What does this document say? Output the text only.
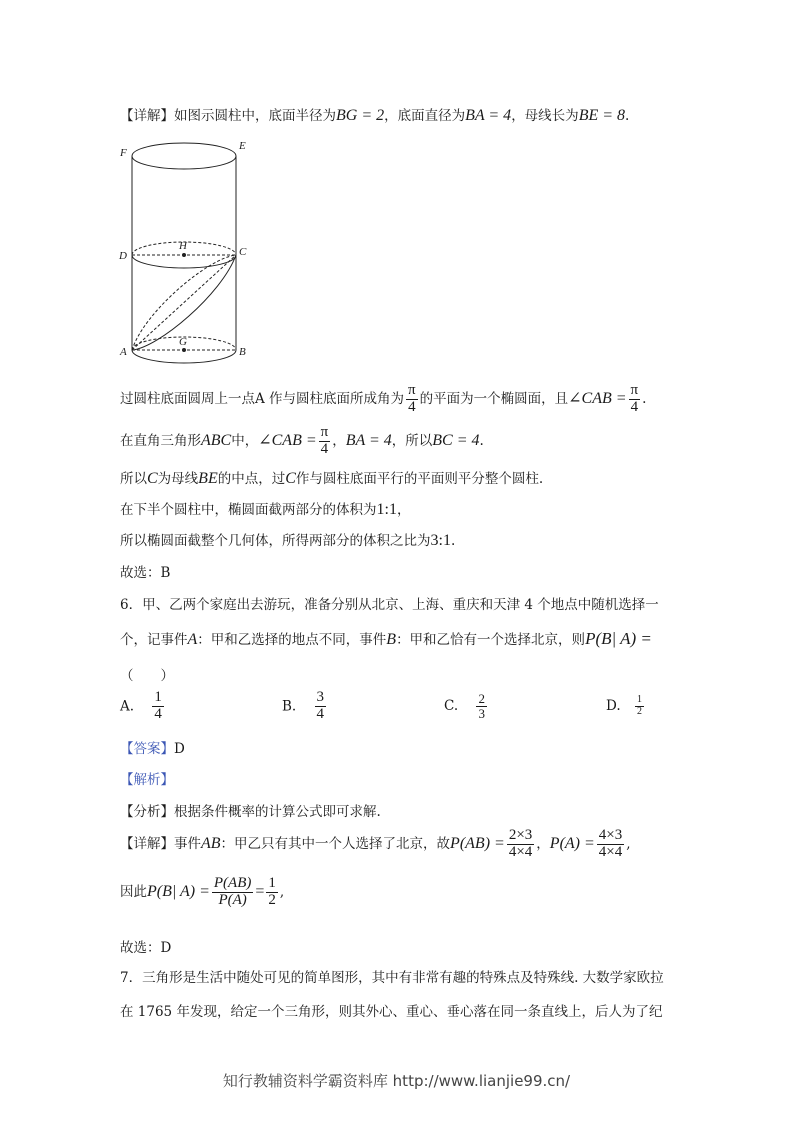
【详解】如图示圆柱中，底面半径为BG = 2，底面直径为BA = 4，母线长为BE = 8.
F
E
D
H	C
A
G
B
过圆柱底面圆周上一点A 作与圆柱底面所成角为 $\frac{\pi}{4}$ 的平面为一个椭圆面，且∠CAB = $\frac{\pi}{4}$ .
在直角三角形ABC中，∠CAB = $\frac{\pi}{4}$ ，BA = 4，所以BC = 4.
所以C为母线BE的中点，过C作与圆柱底面平行的平面则平分整个圆柱.
在下半个圆柱中，椭圆面截两部分的体积为1:1，
所以椭圆面截整个几何体，所得两部分的体积之比为3:1.
故选：B
6．甲、乙两个家庭出去游玩，准备分别从北京、上海、重庆和天津 4 个地点中随机选择一
个，记事件A：甲和乙选择的地点不同，事件B：甲和乙恰有一个选择北京，则P(B| A) =
（　　）
A. $\frac{1}{4}$	B. $\frac{3}{4}$	C. $\frac{2}{3}$	D. $\frac{1}{2}$
【答案】D
【解析】
【分析】根据条件概率的计算公式即可求解.
【详解】事件AB：甲乙只有其中一个人选择了北京，故$P(AB) = \frac{2\times 3}{4\times 4}$ ，$P(A) = \frac{4\times 3}{4\times 4}$ ,
因此P(B| $A) = \frac{P(AB)}{P(A)} = \frac{1}{2}$ ,
故选：D
7．三角形是生活中随处可见的简单图形，其中有非常有趣的特殊点及特殊线. 大数学家欧拉
在 1765 年发现，给定一个三角形，则其外心、重心、垂心落在同一条直线上，后人为了纪
知行教辅资料学霸资料库 http://www.lianjie99.cn/
